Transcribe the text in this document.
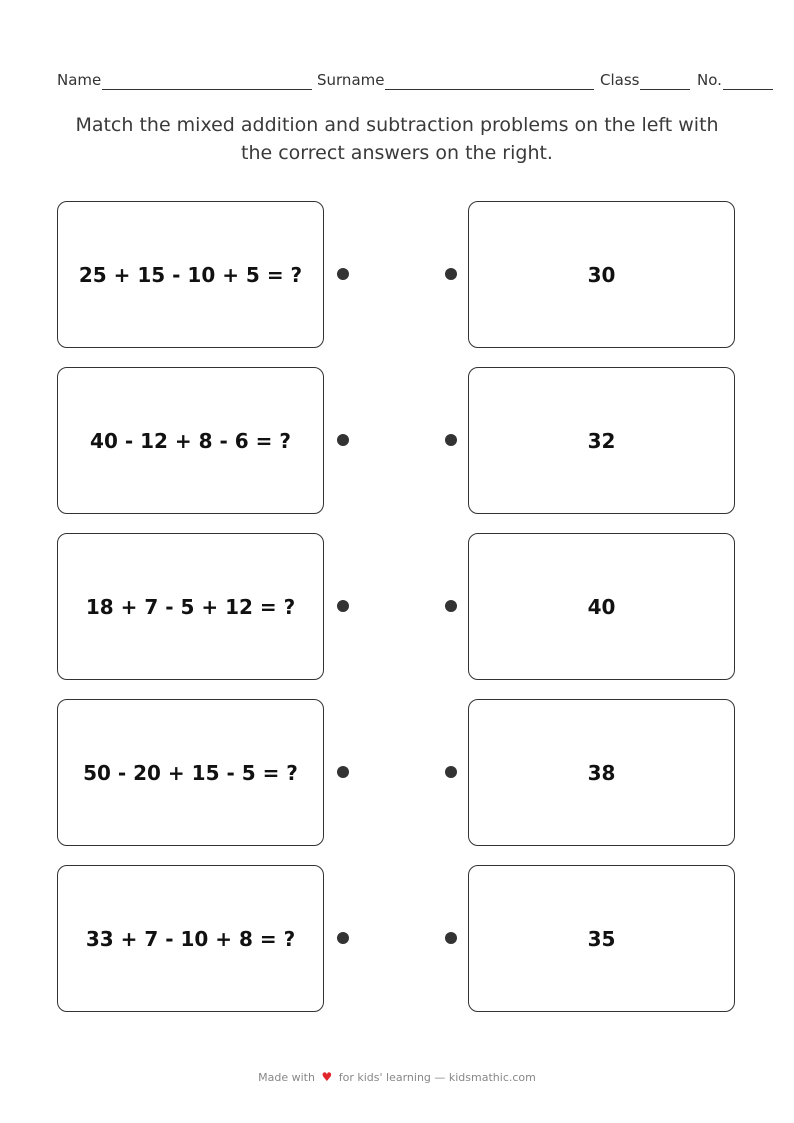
Name	Surname	Class	No.
Match the mixed addition and subtraction problems on the left with the correct answers on the right.
25 + 15 - 10 + 5 = ?	30
40 - 12 + 8 - 6 = ?	32
18 + 7 - 5 + 12 = ?	40
50 - 20 + 15 - 5 = ?	38
33 + 7 - 10 + 8 = ?	35
Made with ♥ for kids' learning — kidsmathic.com
